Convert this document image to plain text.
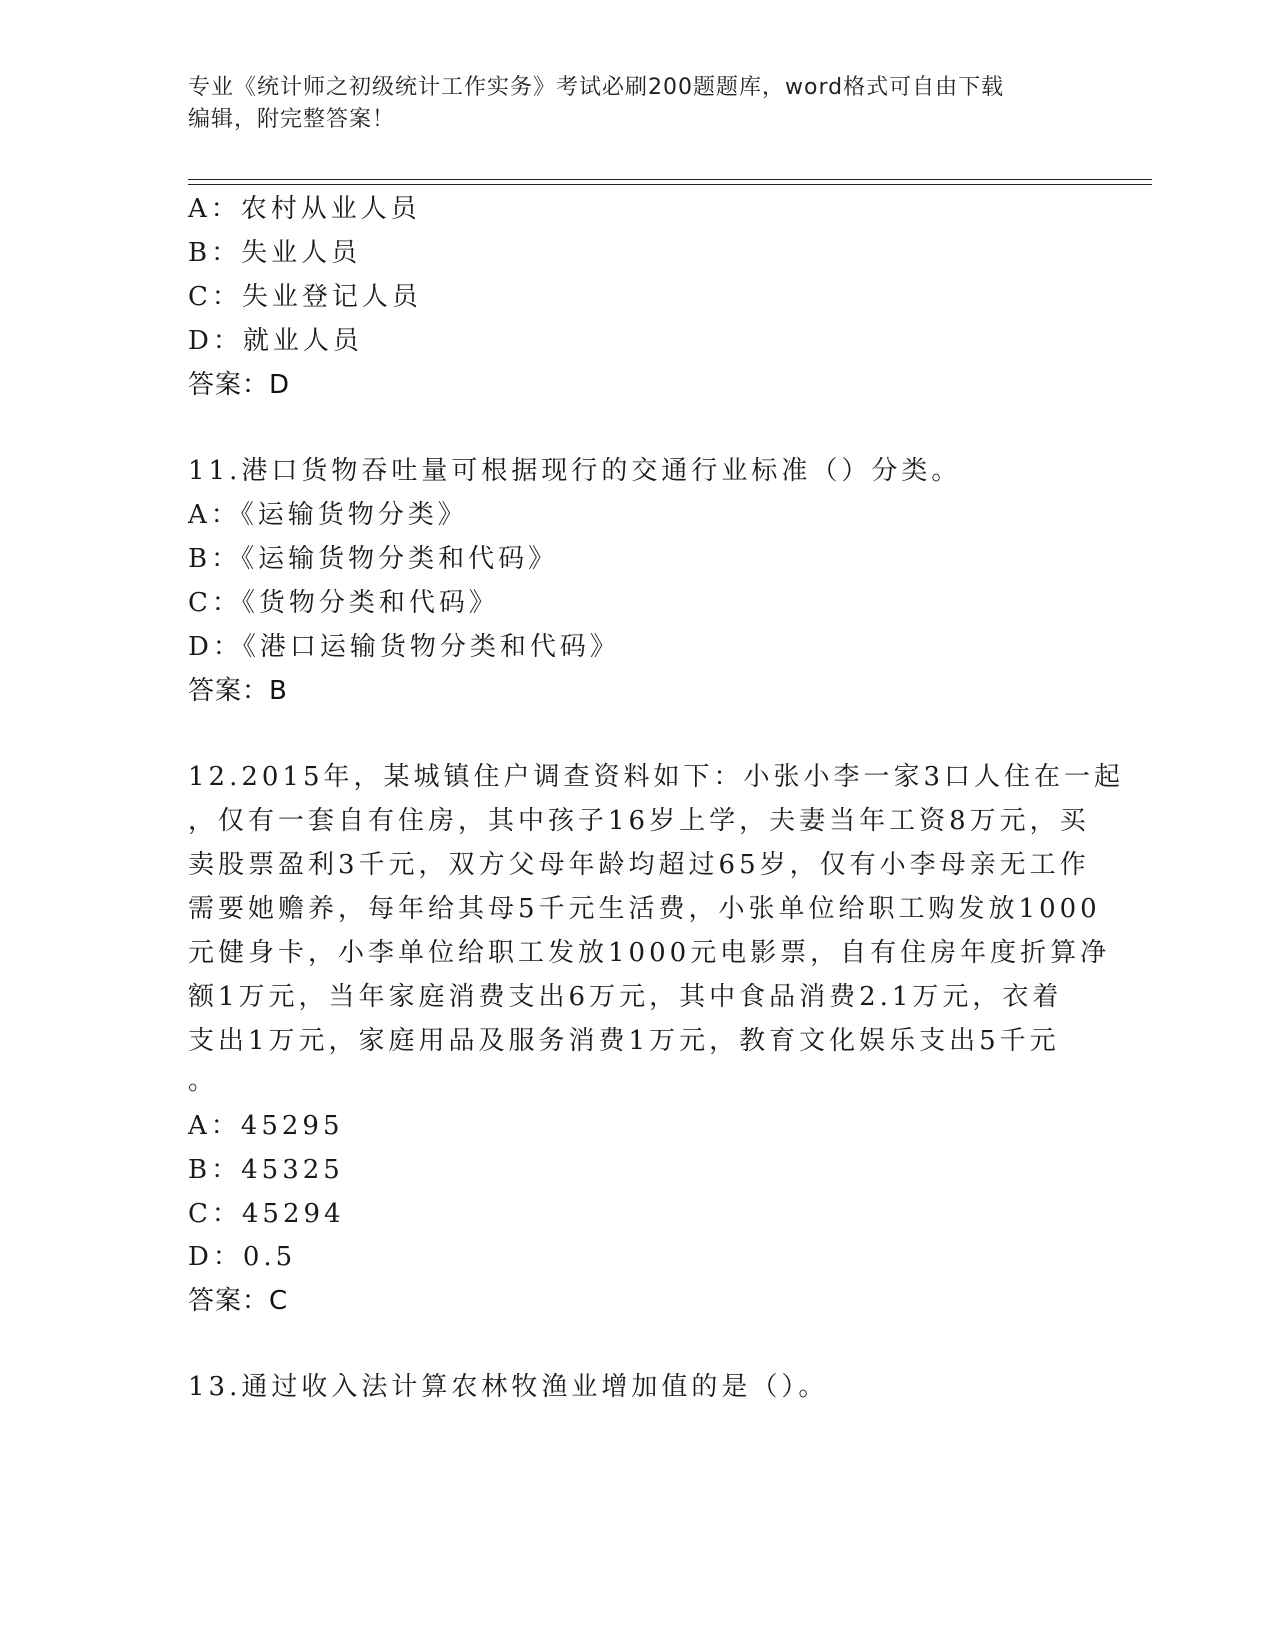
专业《统计师之初级统计工作实务》考试必刷200题题库，word格式可自由下载

编辑，附完整答案！

A：农村从业人员
B：失业人员
C：失业登记人员
D：就业人员
答案：D
11.港口货物吞吐量可根据现行的交通行业标准（）分类。
A：《运输货物分类》
B：《运输货物分类和代码》
C：《货物分类和代码》
D：《港口运输货物分类和代码》
答案：B
12.2015年，某城镇住户调查资料如下：小张小李一家3口人住在一起
，仅有一套自有住房，其中孩子16岁上学，夫妻当年工资8万元，买
卖股票盈利3千元，双方父母年龄均超过65岁，仅有小李母亲无工作
需要她赡养，每年给其母5千元生活费，小张单位给职工购发放1000
元健身卡，小李单位给职工发放1000元电影票，自有住房年度折算净
额1万元，当年家庭消费支出6万元，其中食品消费2.1万元，衣着
支出1万元，家庭用品及服务消费1万元，教育文化娱乐支出5千元
。
A：45295
B：45325
C：45294
D：0.5
答案：C
13.通过收入法计算农林牧渔业增加值的是（）。
